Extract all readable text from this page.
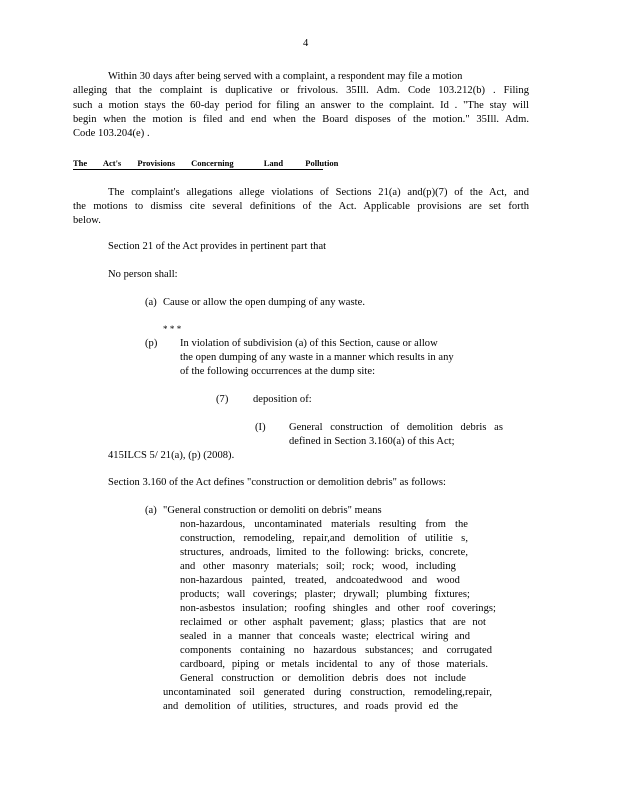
4
Within 30 days after being served with a complaint, a respondent may file a motion
alleging that the complaint is duplicative or frivolous. 35Ill. Adm. Code 103.212(b) . Filing
such a motion stays the 60-day period for filing an answer to the complaint. Id . "The stay will
begin when the motion is filed and end when the Board disposes of the motion." 35Ill. Adm.
Code 103.204(e) .
The Act's Provisions Concerning	Land	Pollution
The complaint's allegations allege violations of Sections 21(a) and(p)(7) of the Act, and
the motions to dismiss cite several definitions of the Act. Applicable provisions are set forth
below.
Section 21 of the Act provides in pertinent part that
No person shall:
(a) Cause or allow the open dumping of any waste.
* * *
(p) In violation of subdivision (a) of this Section, cause or allow
the open dumping of any waste in a manner which results in any
of the following occurrences at the dump site:
(7) deposition of:
(I) General construction of demolition debris as
defined in Section 3.160(a) of this Act;
415ILCS 5/ 21(a), (p) (2008).
Section 3.160 of the Act defines "construction or demolition debris" as follows:
(a) "General construction or demoliti on debris" means
non-hazardous, uncontaminated materials resulting from the
construction, remodeling, repair,and demolition of utilitie s,
structures, androads, limited to the following: bricks, concrete,
and other masonry materials; soil; rock; wood, including
non-hazardous painted, treated, andcoatedwood and wood
products; wall coverings; plaster; drywall; plumbing fixtures;
non-asbestos insulation; roofing shingles and other roof coverings;
reclaimed or other asphalt pavement; glass; plastics that are not
sealed in a manner that conceals waste; electrical wiring and
components containing no hazardous substances; and corrugated
cardboard, piping or metals incidental to any of those materials.
General construction or demolition debris does not include
uncontaminated soil generated during construction, remodeling,repair,
and demolition of utilities, structures, and roads provid ed the
